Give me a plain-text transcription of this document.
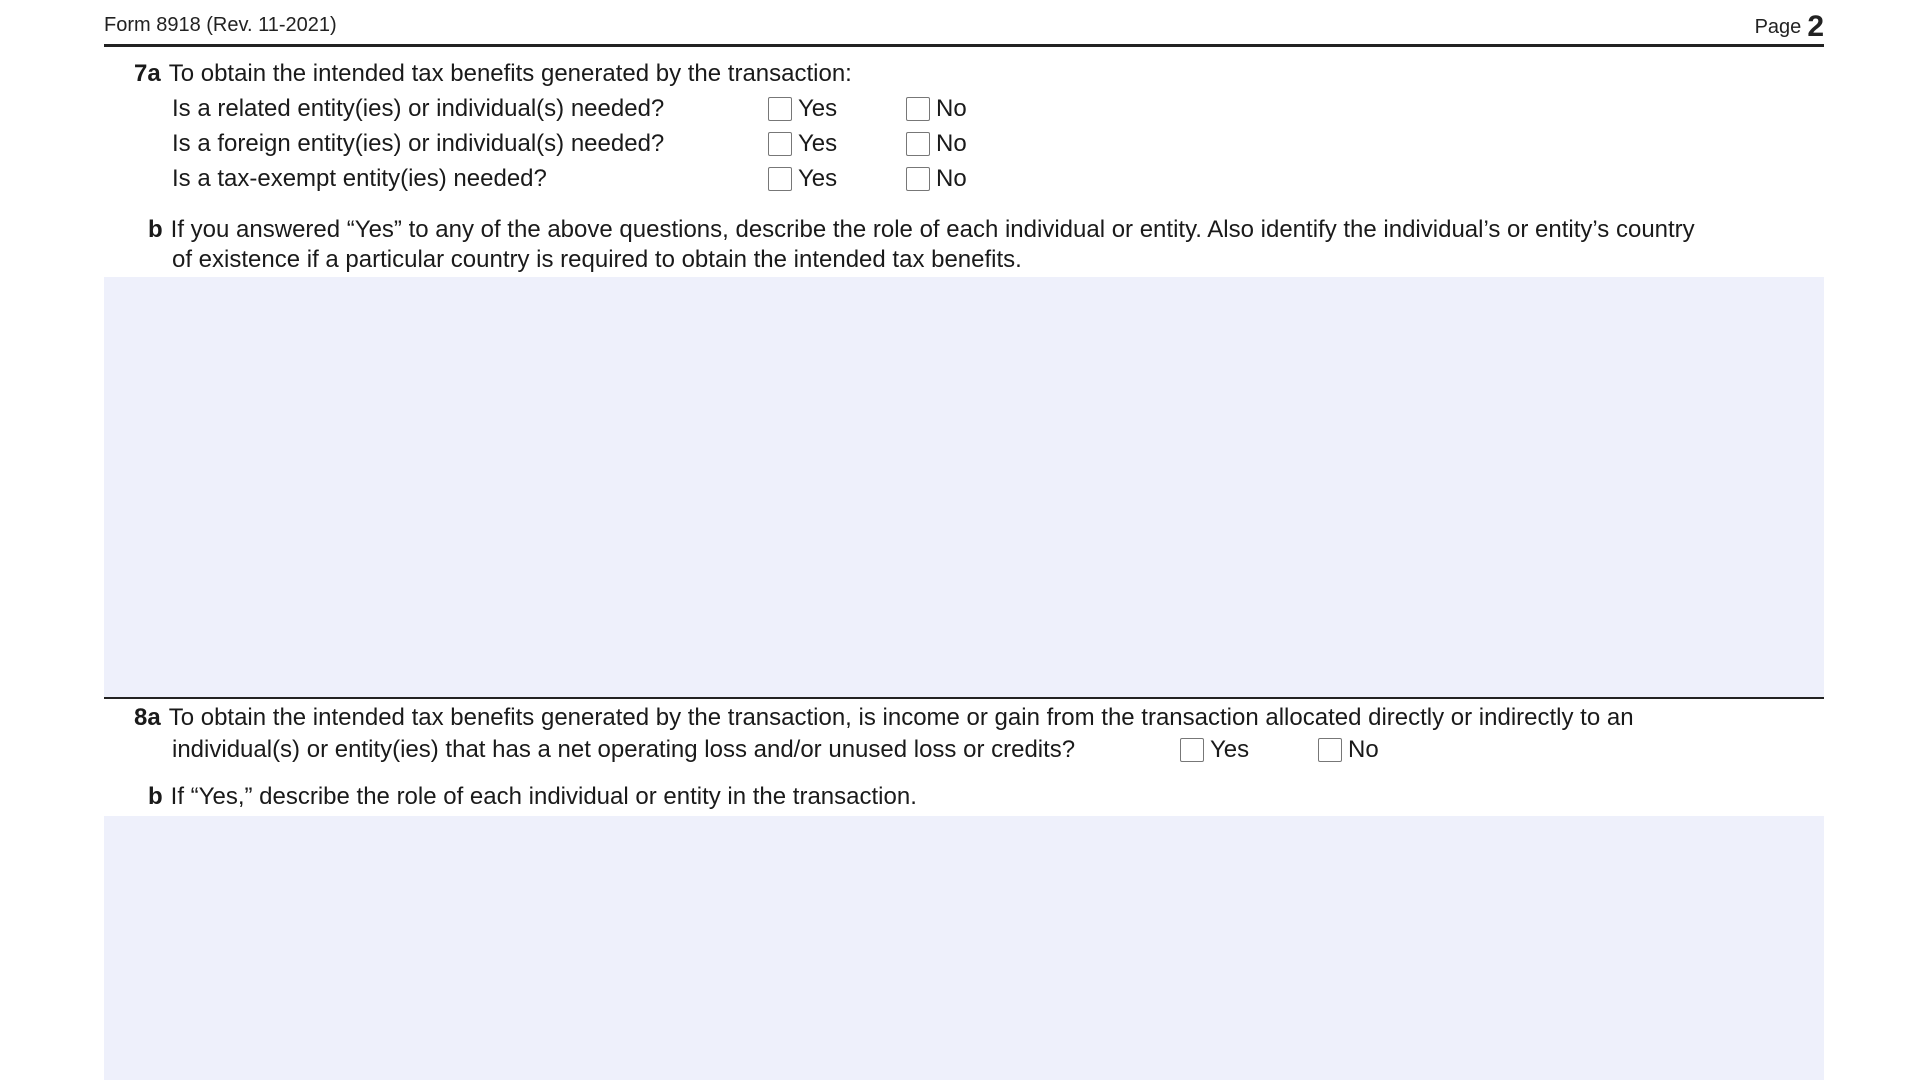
Form 8918 (Rev. 11-2021)	Page 2
7a To obtain the intended tax benefits generated by the transaction:
Is a related entity(ies) or individual(s) needed?	Yes	No
Is a foreign entity(ies) or individual(s) needed?	Yes	No
Is a tax-exempt entity(ies) needed?	Yes	No
b If you answered “Yes” to any of the above questions, describe the role of each individual or entity. Also identify the individual’s or entity’s country
of existence if a particular country is required to obtain the intended tax benefits.
8a To obtain the intended tax benefits generated by the transaction, is income or gain from the transaction allocated directly or indirectly to an
individual(s) or entity(ies) that has a net operating loss and/or unused loss or credits?	Yes	No
b If “Yes,” describe the role of each individual or entity in the transaction.
